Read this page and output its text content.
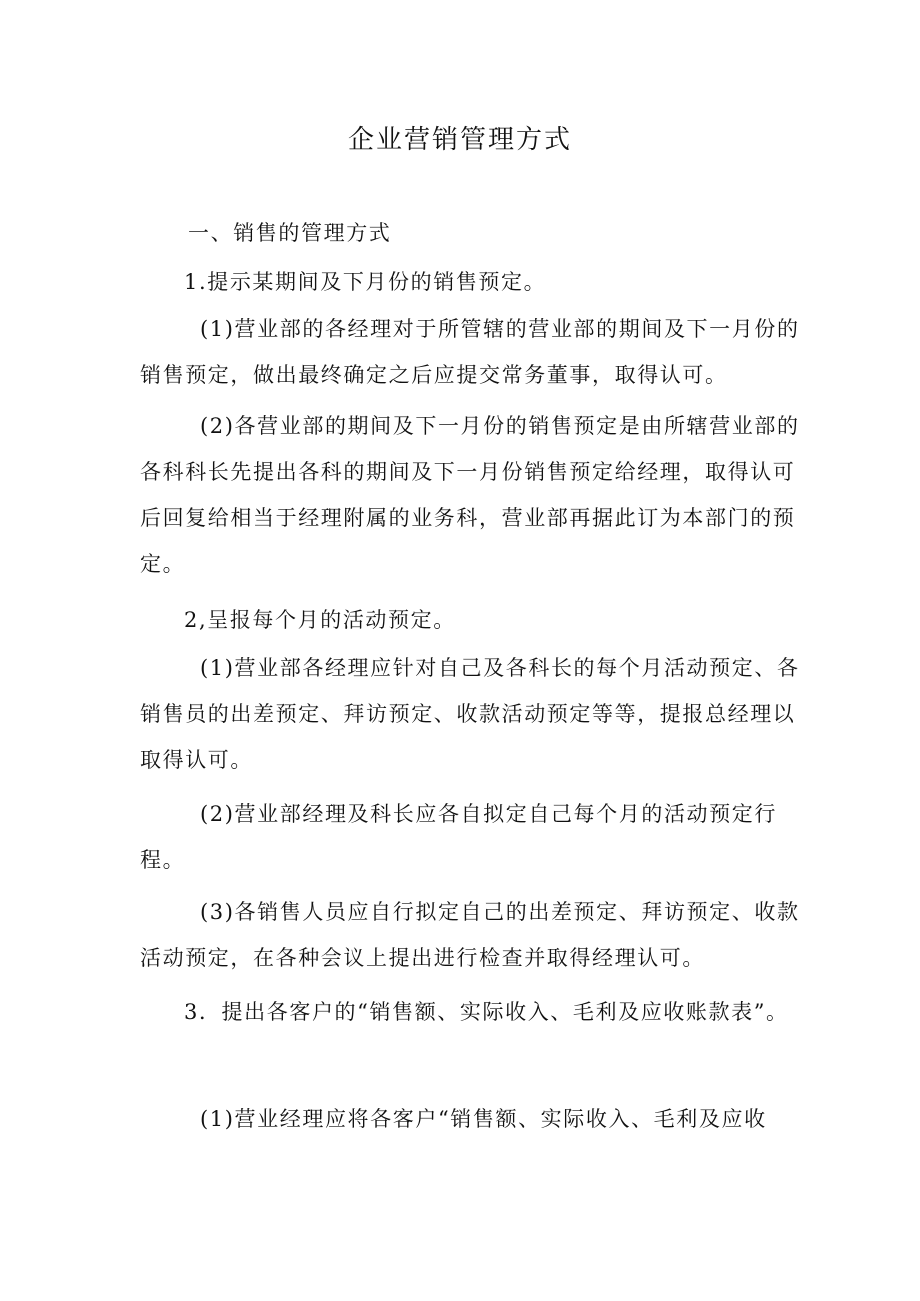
企业营销管理方式

一、销售的管理方式

1.提示某期间及下月份的销售预定。

(1)营业部的各经理对于所管辖的营业部的期间及下一月份的销售预定，做出最终确定之后应提交常务董事，取得认可。

(2)各营业部的期间及下一月份的销售预定是由所辖营业部的各科科长先提出各科的期间及下一月份销售预定给经理，取得认可后回复给相当于经理附属的业务科，营业部再据此订为本部门的预定。

2,呈报每个月的活动预定。

(1)营业部各经理应针对自己及各科长的每个月活动预定、各销售员的出差预定、拜访预定、收款活动预定等等，提报总经理以取得认可。

(2)营业部经理及科长应各自拟定自己每个月的活动预定行程。

(3)各销售人员应自行拟定自己的出差预定、拜访预定、收款活动预定，在各种会议上提出进行检查并取得经理认可。

3．提出各客户的“销售额、实际收入、毛利及应收账款表”。

(1)营业经理应将各客户“销售额、实际收入、毛利及应收
